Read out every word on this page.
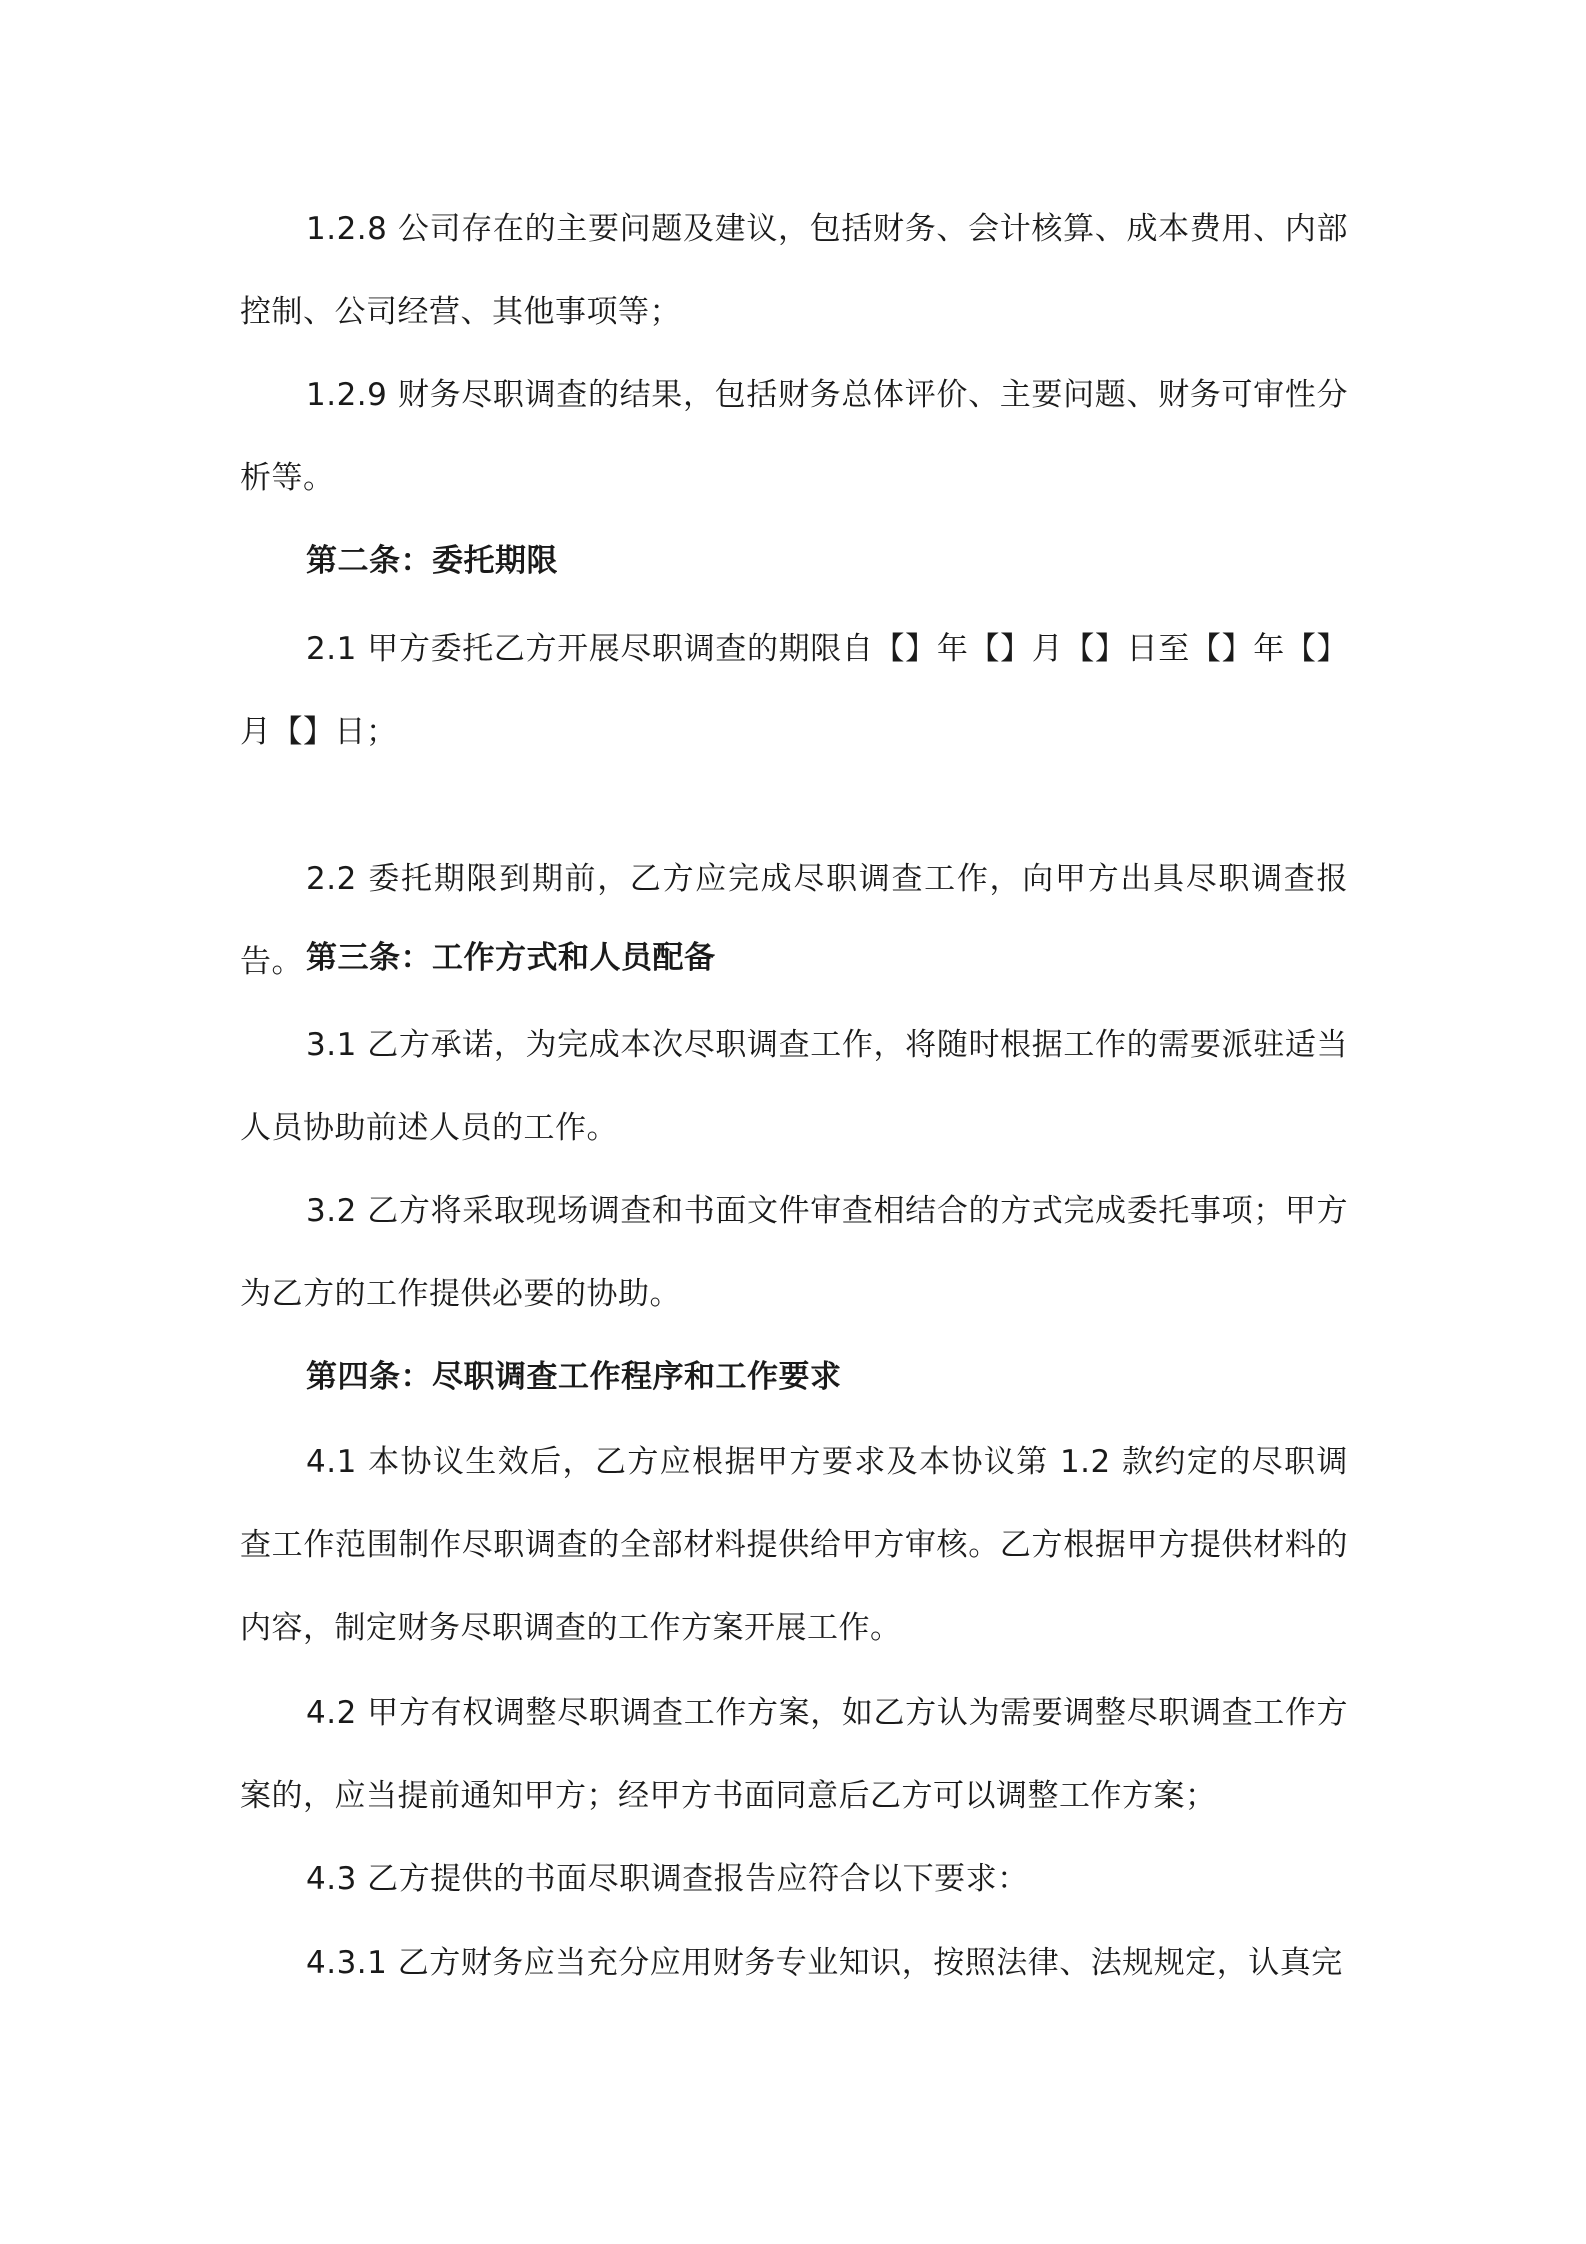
1.2.8 公司存在的主要问题及建议，包括财务、会计核算、成本费用、内部控制、公司经营、其他事项等；

1.2.9 财务尽职调查的结果，包括财务总体评价、主要问题、财务可审性分析等。

第二条：委托期限

2.1 甲方委托乙方开展尽职调查的期限自【】年【】月【】日至【】年【】月【】日；

2.2 委托期限到期前，乙方应完成尽职调查工作，向甲方出具尽职调查报告。 第三条：工作方式和人员配备

3.1 乙方承诺，为完成本次尽职调查工作，将随时根据工作的需要派驻适当人员协助前述人员的工作。

3.2 乙方将采取现场调查和书面文件审查相结合的方式完成委托事项；甲方为乙方的工作提供必要的协助。

第四条：尽职调查工作程序和工作要求

4.1 本协议生效后，乙方应根据甲方要求及本协议第 1.2 款约定的尽职调查工作范围制作尽职调查的全部材料提供给甲方审核。乙方根据甲方提供材料的内容，制定财务尽职调查的工作方案开展工作。

4.2 甲方有权调整尽职调查工作方案，如乙方认为需要调整尽职调查工作方案的，应当提前通知甲方；经甲方书面同意后乙方可以调整工作方案；

4.3 乙方提供的书面尽职调查报告应符合以下要求：

4.3.1 乙方财务应当充分应用财务专业知识，按照法律、法规规定，认真完
